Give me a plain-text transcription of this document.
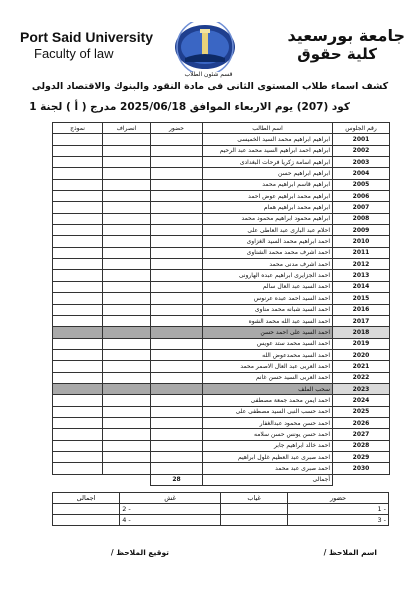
Port Said University
Faculty of law
جامعة بورسعيد
كلية حقوق
قسم شئون الطلاب
كشف اسماء طلاب المستوى الثانى فى مادة النقود والبنوك والاقتصاد الدولى
كود (207) يوم الاربعاء الموافق 2025/06/18 مدرج ( أ ) لجنة 1
نموذج	انصراف	حضور	اسم الطالب	رقم الجلوس
			ابراهيم ابراهيم محمد السيد الخميسى	2001
			ابراهيم احمد ابراهيم السيد محمد عبد الرحيم	2002
			ابراهيم اسامة زكريا فرحات البغدادى	2003
			ابراهيم ابراهيم حسن	2004
			ابراهيم قاسم ابراهيم محمد	2005
			ابراهيم محمد ابراهيم عوض احمد	2006
			ابراهيم محمد ابراهيم همام	2007
			ابراهيم محمود ابراهيم محمود محمد	2008
			احلام عبد البارى عبد العاطى على	2009
			احمد ابراهيم محمد السيد الغزاوى	2010
			احمد اشرف محمد محمد الشناوى	2011
			احمد اشرف مدنى محمد	2012
			احمد الجزايرى ابراهيم عبده الهارونى	2013
			احمد السيد عبد العال سالم	2014
			احمد السيد احمد عبده عرنوس	2015
			احمد السيد شبانه محمد مناوى	2016
			احمد السيد عبد الله محمد الشوه	2017
			احمد السيد على احمد حسن	2018
			احمد السيد محمد ستد عويس	2019
			احمد السيد محمدعوض الله	2020
			احمد العربى عبد العال الاصمر محمد	2021
			احمد العربى السيد حسن غانم	2022
			سحب الملف	2023
			احمد ايمن محمد جمعة مصطفى	2024
			احمد حسب النبى السيد مصطفى على	2025
			احمد حسن محمود عبدالغفار	2026
			احمد حسن يونس حسن سلامه	2027
			احمد خالد ابراهيم جابر	2028
			احمد صبرى عبد العظيم غلول ابراهيم	2029
			احمد صبرى عبد محمد	2030
		28	أجمالى	
اجمالى	غش	غياب	حضور
	2 -		1 -
	4 -		3 -
اسم الملاحظ /
توقيع الملاحظ /
